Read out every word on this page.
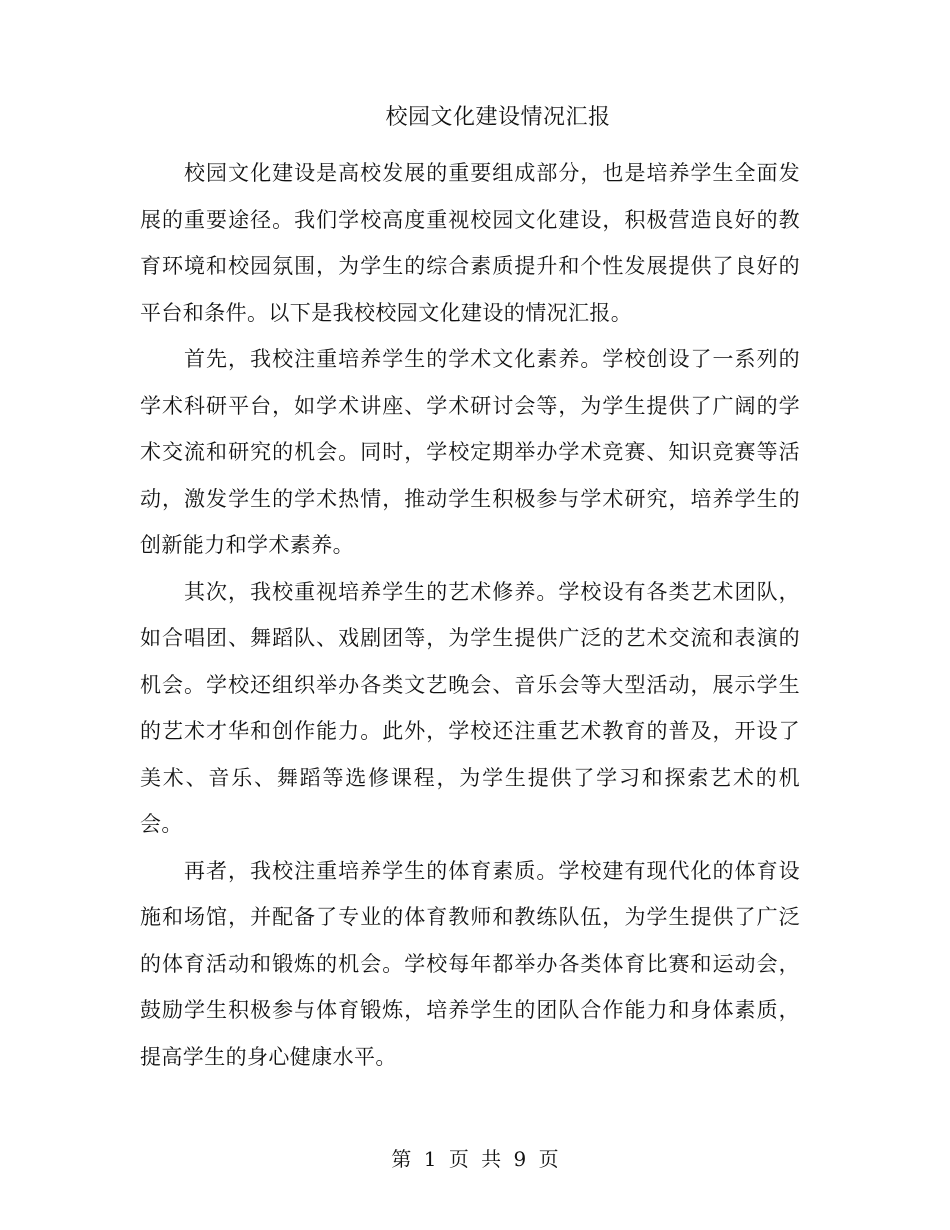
校园文化建设情况汇报

校园文化建设是高校发展的重要组成部分，也是培养学生全面发展的重要途径。我们学校高度重视校园文化建设，积极营造良好的教育环境和校园氛围，为学生的综合素质提升和个性发展提供了良好的平台和条件。以下是我校校园文化建设的情况汇报。

首先，我校注重培养学生的学术文化素养。学校创设了一系列的学术科研平台，如学术讲座、学术研讨会等，为学生提供了广阔的学术交流和研究的机会。同时，学校定期举办学术竞赛、知识竞赛等活动，激发学生的学术热情，推动学生积极参与学术研究，培养学生的创新能力和学术素养。

其次，我校重视培养学生的艺术修养。学校设有各类艺术团队，如合唱团、舞蹈队、戏剧团等，为学生提供广泛的艺术交流和表演的机会。学校还组织举办各类文艺晚会、音乐会等大型活动，展示学生的艺术才华和创作能力。此外，学校还注重艺术教育的普及，开设了美术、音乐、舞蹈等选修课程，为学生提供了学习和探索艺术的机会。

再者，我校注重培养学生的体育素质。学校建有现代化的体育设施和场馆，并配备了专业的体育教师和教练队伍，为学生提供了广泛的体育活动和锻炼的机会。学校每年都举办各类体育比赛和运动会，鼓励学生积极参与体育锻炼，培养学生的团队合作能力和身体素质，提高学生的身心健康水平。

第 1 页 共 9 页
